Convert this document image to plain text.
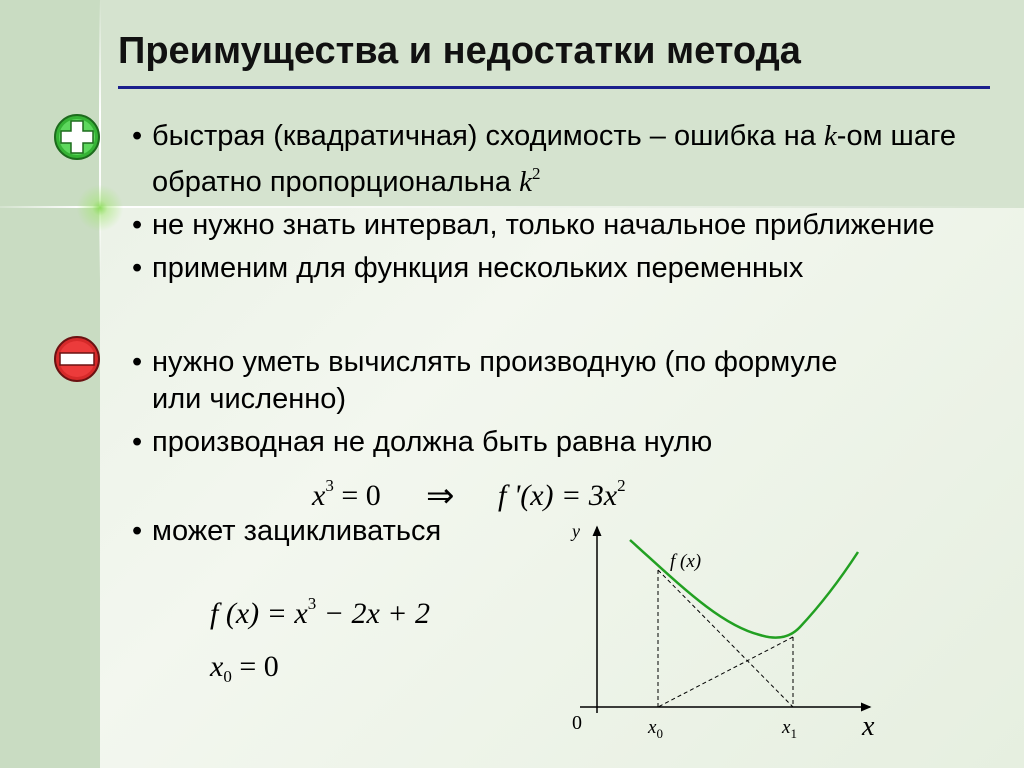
Преимущества и недостатки метода
• быстрая (квадратичная) сходимость – ошибка на k-ом шаге обратно пропорциональна $k^2$
• не нужно знать интервал, только начальное приближение
• применим для функция нескольких переменных
• нужно уметь вычислять производную (по формуле или численно)
• производная не должна быть равна нулю
• может зацикливаться
$x^3 = 0$ ⇒ f '$(x) = 3x^2$
f $(x) = x^3 - 2x + 2$
$x_0 = 0$
y
x
0
f (x)
$x_0$	$x_1$
